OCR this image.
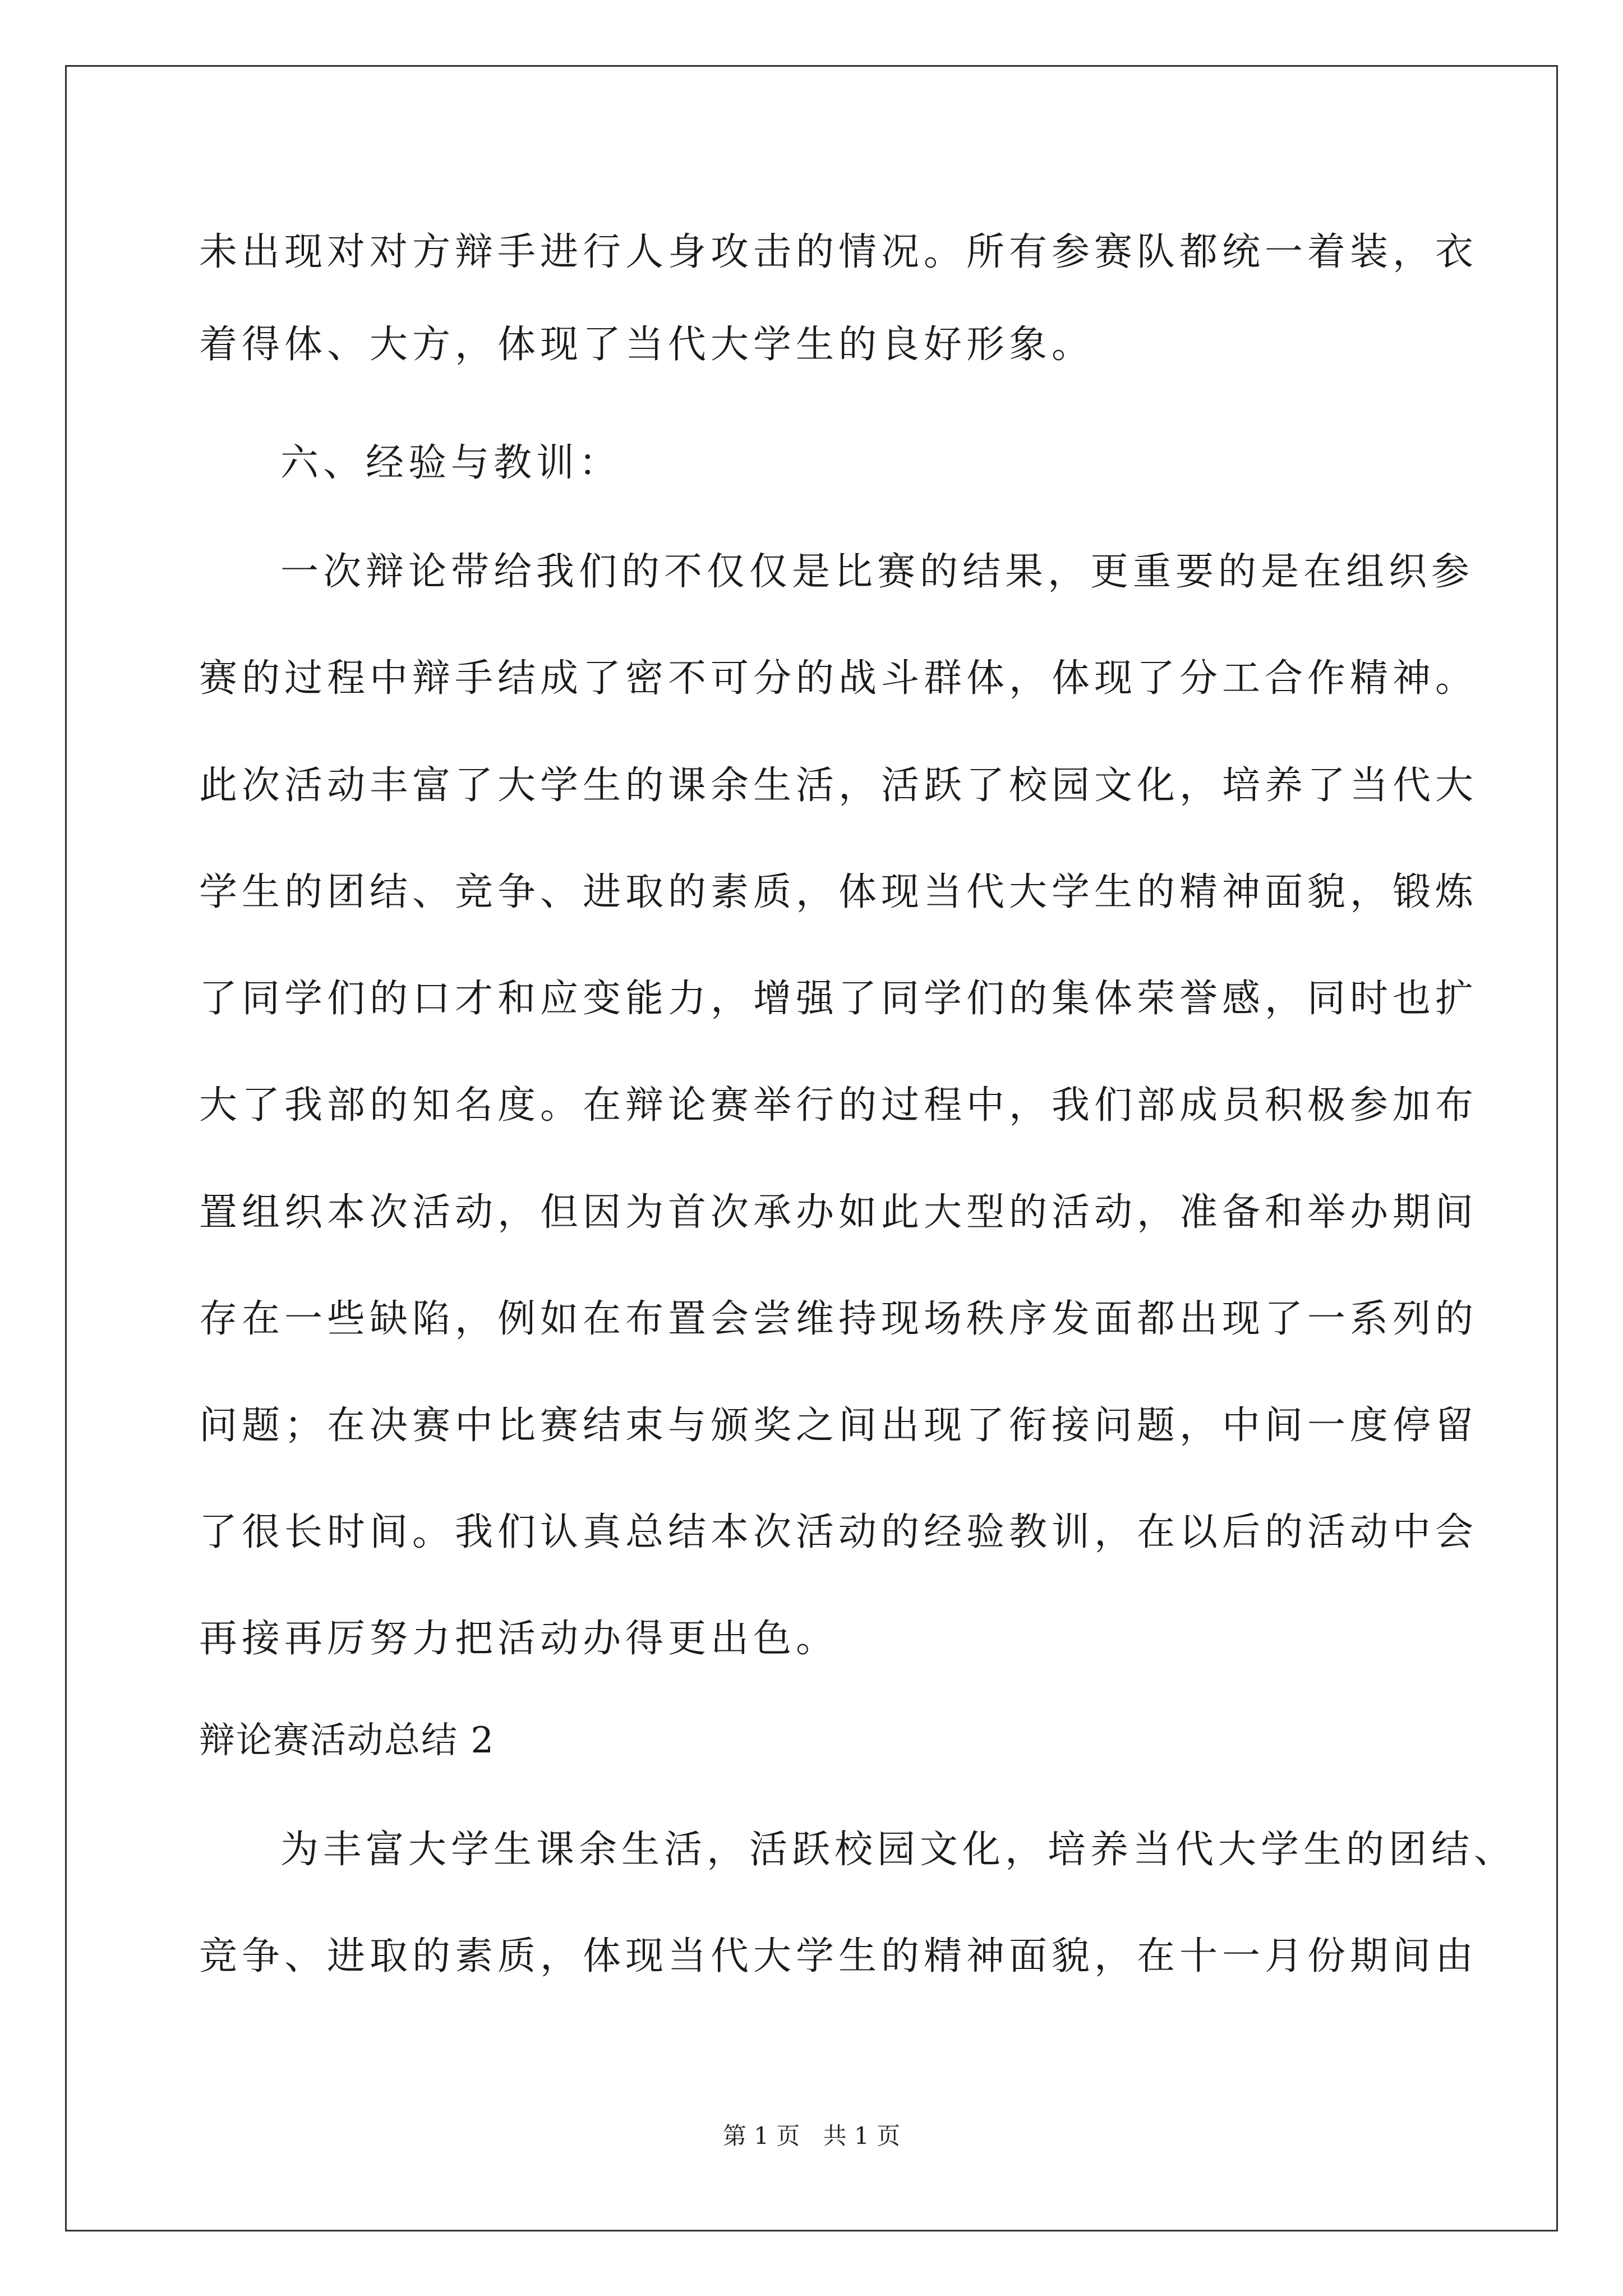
未出现对对方辩手进行人身攻击的情况。所有参赛队都统一着装，衣
着得体、大方，体现了当代大学生的良好形象。
六、经验与教训：
一次辩论带给我们的不仅仅是比赛的结果，更重要的是在组织参
赛的过程中辩手结成了密不可分的战斗群体，体现了分工合作精神。
此次活动丰富了大学生的课余生活，活跃了校园文化，培养了当代大
学生的团结、竞争、进取的素质，体现当代大学生的精神面貌，锻炼
了同学们的口才和应变能力，增强了同学们的集体荣誉感，同时也扩
大了我部的知名度。在辩论赛举行的过程中，我们部成员积极参加布
置组织本次活动，但因为首次承办如此大型的活动，准备和举办期间
存在一些缺陷，例如在布置会尝维持现场秩序发面都出现了一系列的
问题；在决赛中比赛结束与颁奖之间出现了衔接问题，中间一度停留
了很长时间。我们认真总结本次活动的经验教训，在以后的活动中会
再接再厉努力把活动办得更出色。
辩论赛活动总结 2
为丰富大学生课余生活，活跃校园文化，培养当代大学生的团结、
竞争、进取的素质，体现当代大学生的精神面貌，在十一月份期间由
第 1 页 共 1 页
